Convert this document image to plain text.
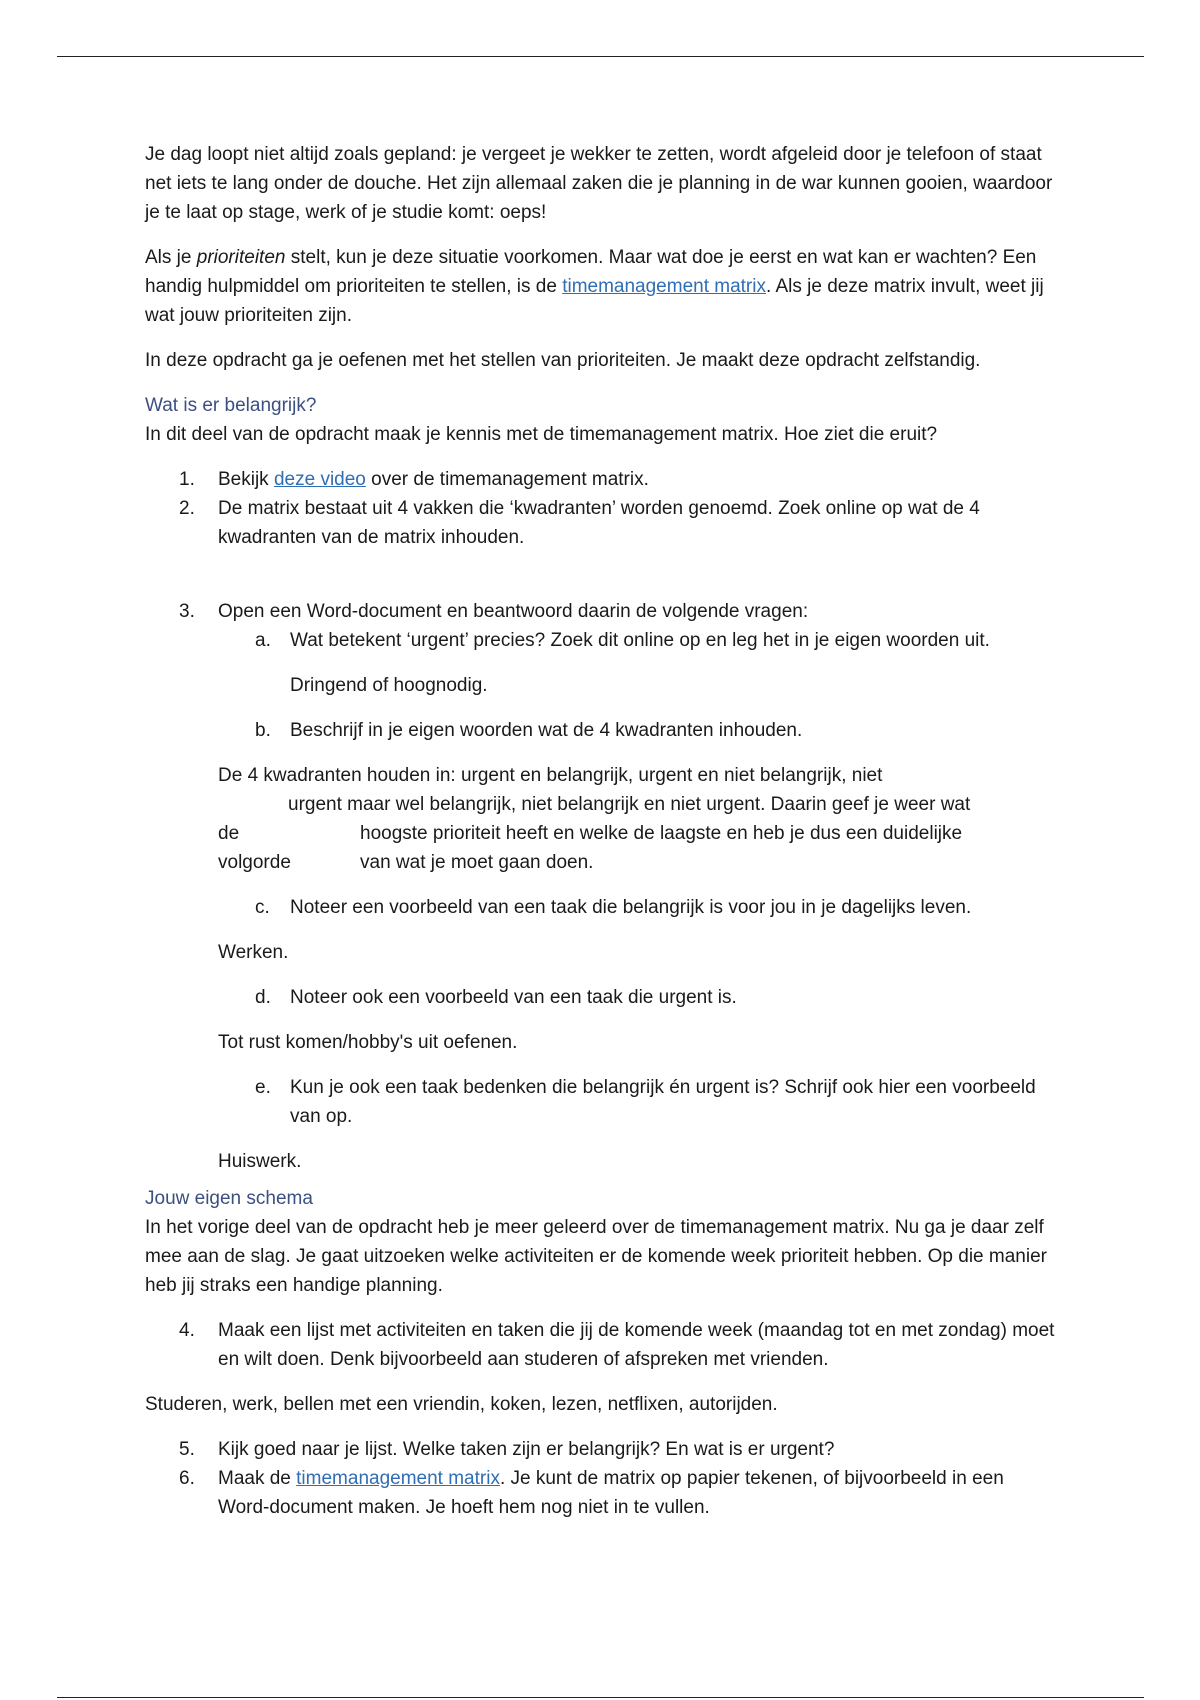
Je dag loopt niet altijd zoals gepland: je vergeet je wekker te zetten, wordt afgeleid door je telefoon of staat net iets te lang onder de douche. Het zijn allemaal zaken die je planning in de war kunnen gooien, waardoor je te laat op stage, werk of je studie komt: oeps!

Als je prioriteiten stelt, kun je deze situatie voorkomen. Maar wat doe je eerst en wat kan er wachten? Een handig hulpmiddel om prioriteiten te stellen, is de timemanagement matrix. Als je deze matrix invult, weet jij wat jouw prioriteiten zijn.

In deze opdracht ga je oefenen met het stellen van prioriteiten. Je maakt deze opdracht zelfstandig.

Wat is er belangrijk?

In dit deel van de opdracht maak je kennis met de timemanagement matrix. Hoe ziet die eruit?

1. Bekijk deze video over de timemanagement matrix.
2. De matrix bestaat uit 4 vakken die ‘kwadranten’ worden genoemd. Zoek online op wat de 4 kwadranten van de matrix inhouden.
3. Open een Word-document en beantwoord daarin de volgende vragen:
a. Wat betekent ‘urgent’ precies? Zoek dit online op en leg het in je eigen woorden uit.

Dringend of hoognodig.

b. Beschrijf in je eigen woorden wat de 4 kwadranten inhouden.
De 4 kwadranten houden in: urgent en belangrijk, urgent en niet belangrijk, niet
urgent maar wel belangrijk, niet belangrijk en niet urgent. Daarin geef je weer wat
de	hoogste prioriteit heeft en welke de laagste en heb je dus een duidelijke
volgorde	van wat je moet gaan doen.
c. Noteer een voorbeeld van een taak die belangrijk is voor jou in je dagelijks leven.

Werken.

d. Noteer ook een voorbeeld van een taak die urgent is.

Tot rust komen/hobby's uit oefenen.

e. Kun je ook een taak bedenken die belangrijk én urgent is? Schrijf ook hier een voorbeeld van op.

Huiswerk.

Jouw eigen schema

In het vorige deel van de opdracht heb je meer geleerd over de timemanagement matrix. Nu ga je daar zelf mee aan de slag. Je gaat uitzoeken welke activiteiten er de komende week prioriteit hebben. Op die manier heb jij straks een handige planning.

4. Maak een lijst met activiteiten en taken die jij de komende week (maandag tot en met zondag) moet en wilt doen. Denk bijvoorbeeld aan studeren of afspreken met vrienden.

Studeren, werk, bellen met een vriendin, koken, lezen, netflixen, autorijden.

5. Kijk goed naar je lijst. Welke taken zijn er belangrijk? En wat is er urgent?
6. Maak de timemanagement matrix. Je kunt de matrix op papier tekenen, of bijvoorbeeld in een Word-document maken. Je hoeft hem nog niet in te vullen.
